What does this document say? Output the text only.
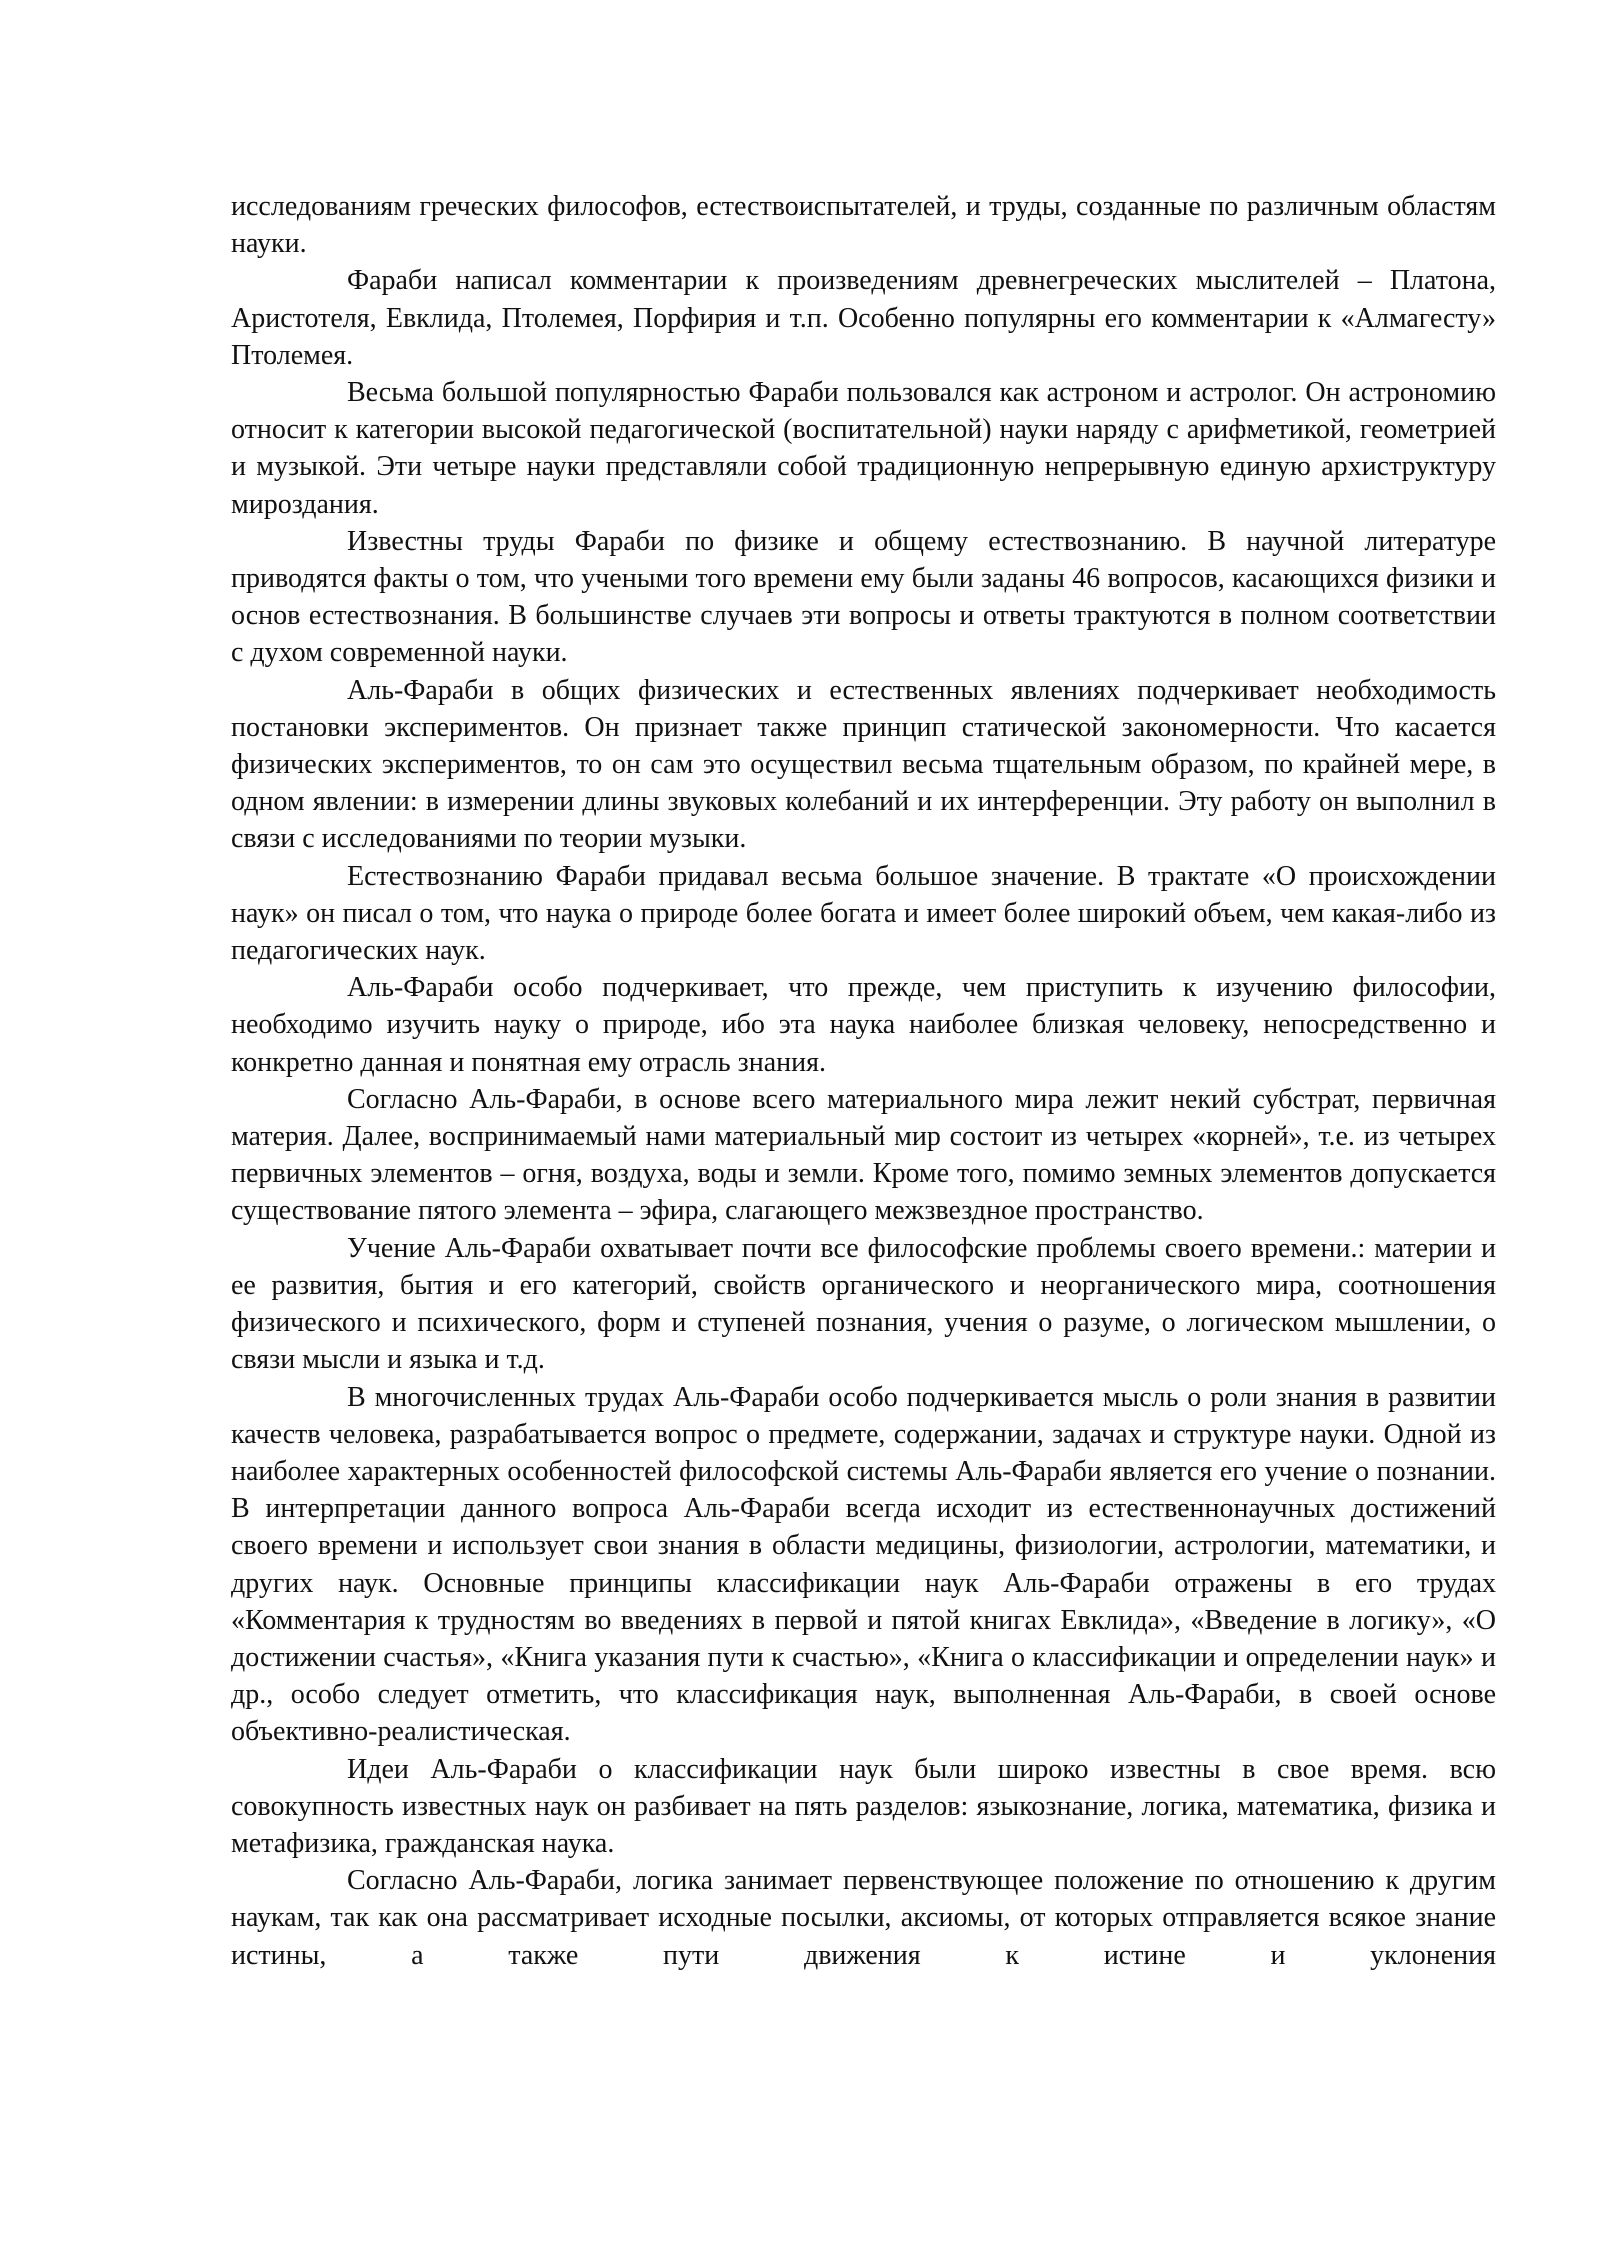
исследованиям греческих философов, естествоиспытателей, и труды, созданные по различным областям науки.

Фараби написал комментарии к произведениям древнегреческих мыслителей – Платона, Аристотеля, Евклида, Птолемея, Порфирия и т.п. Особенно популярны его комментарии к «Алмагесту» Птолемея.

Весьма большой популярностью Фараби пользовался как астроном и астролог. Он астрономию относит к категории высокой педагогической (воспитательной) науки наряду с арифметикой, геометрией и музыкой. Эти четыре науки представляли собой традиционную непрерывную единую архиструктуру мироздания.

Известны труды Фараби по физике и общему естествознанию. В научной литературе приводятся факты о том, что учеными того времени ему были заданы 46 вопросов, касающихся физики и основ естествознания. В большинстве случаев эти вопросы и ответы трактуются в полном соответствии с духом современной науки.

Аль-Фараби в общих физических и естественных явлениях подчеркивает необходимость постановки экспериментов. Он признает также принцип статической закономерности. Что касается физических экспериментов, то он сам это осуществил весьма тщательным образом, по крайней мере, в одном явлении: в измерении длины звуковых колебаний и их интерференции. Эту работу он выполнил в связи с исследованиями по теории музыки.

Естествознанию Фараби придавал весьма большое значение. В трактате «О происхождении наук» он писал о том, что наука о природе более богата и имеет более широкий объем, чем какая-либо из педагогических наук.

Аль-Фараби особо подчеркивает, что прежде, чем приступить к изучению философии, необходимо изучить науку о природе, ибо эта наука наиболее близкая человеку, непосредственно и конкретно данная и понятная ему отрасль знания.

Согласно Аль-Фараби, в основе всего материального мира лежит некий субстрат, первичная материя. Далее, воспринимаемый нами материальный мир состоит из четырех «корней», т.е. из четырех первичных элементов – огня, воздуха, воды и земли. Кроме того, помимо земных элементов допускается существование пятого элемента – эфира, слагающего межзвездное пространство.

Учение Аль-Фараби охватывает почти все философские проблемы своего времени.: материи и ее развития, бытия и его категорий, свойств органического и неорганического мира, соотношения физического и психического, форм и ступеней познания, учения о разуме, о логическом мышлении, о связи мысли и языка и т.д.

В многочисленных трудах Аль-Фараби особо подчеркивается мысль о роли знания в развитии качеств человека, разрабатывается вопрос о предмете, содержании, задачах и структуре науки. Одной из наиболее характерных особенностей философской системы Аль-Фараби является его учение о познании. В интерпретации данного вопроса Аль-Фараби всегда исходит из естественнонаучных достижений своего времени и использует свои знания в области медицины, физиологии, астрологии, математики, и других наук. Основные принципы классификации наук Аль-Фараби отражены в его трудах «Комментария к трудностям во введениях в первой и пятой книгах Евклида», «Введение в логику», «О достижении счастья», «Книга указания пути к счастью», «Книга о классификации и определении наук» и др., особо следует отметить, что классификация наук, выполненная Аль-Фараби, в своей основе объективно-реалистическая.

Идеи Аль-Фараби о классификации наук были широко известны в свое время. всю совокупность известных наук он разбивает на пять разделов: языкознание, логика, математика, физика и метафизика, гражданская наука.

Согласно Аль-Фараби, логика занимает первенствующее положение по отношению к другим наукам, так как она рассматривает исходные посылки, аксиомы, от которых отправляется всякое знание истины, а также пути движения к истине и уклонения
